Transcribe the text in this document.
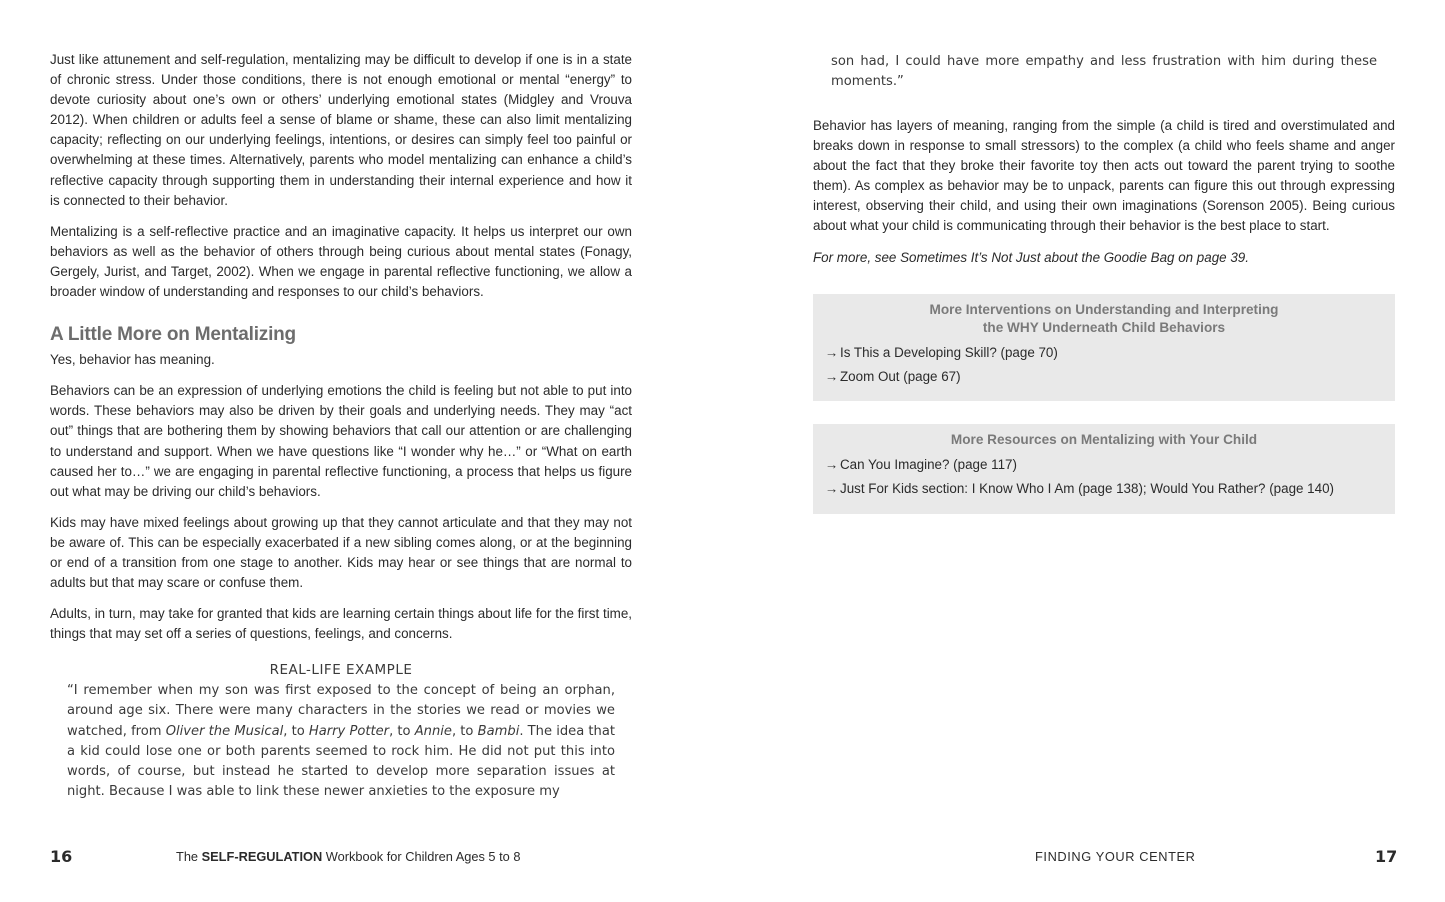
Just like attunement and self-regulation, mentalizing may be difficult to develop if one is in a state of chronic stress. Under those conditions, there is not enough emotional or mental “energy” to devote curiosity about one’s own or others’ underlying emotional states (Midgley and Vrouva 2012). When children or adults feel a sense of blame or shame, these can also limit mentalizing capacity; reflecting on our underlying feelings, intentions, or desires can simply feel too painful or overwhelming at these times. Alternatively, parents who model mentalizing can enhance a child’s reflective capacity through supporting them in understanding their internal experience and how it is connected to their behavior.

Mentalizing is a self-reflective practice and an imaginative capacity. It helps us interpret our own behaviors as well as the behavior of others through being curious about mental states (Fonagy, Gergely, Jurist, and Target, 2002). When we engage in parental reflective functioning, we allow a broader window of understanding and responses to our child’s behaviors.

A Little More on Mentalizing

Yes, behavior has meaning.

Behaviors can be an expression of underlying emotions the child is feeling but not able to put into words. These behaviors may also be driven by their goals and underlying needs. They may “act out” things that are bothering them by showing behaviors that call our attention or are challenging to understand and support. When we have questions like “I wonder why he…” or “What on earth caused her to…” we are engaging in parental reflective functioning, a process that helps us figure out what may be driving our child’s behaviors.

Kids may have mixed feelings about growing up that they cannot articulate and that they may not be aware of. This can be especially exacerbated if a new sibling comes along, or at the beginning or end of a transition from one stage to another. Kids may hear or see things that are normal to adults but that may scare or confuse them.

Adults, in turn, may take for granted that kids are learning certain things about life for the first time, things that may set off a series of questions, feelings, and concerns.

REAL-LIFE EXAMPLE

“I remember when my son was first exposed to the concept of being an orphan, around age six. There were many characters in the stories we read or movies we watched, from Oliver the Musical, to Harry Potter, to Annie, to Bambi. The idea that a kid could lose one or both parents seemed to rock him. He did not put this into words, of course, but instead he started to develop more separation issues at night. Because I was able to link these newer anxieties to the exposure my

16	The SELF-REGULATION Workbook for Children Ages 5 to 8

son had, I could have more empathy and less frustration with him during these moments.”

Behavior has layers of meaning, ranging from the simple (a child is tired and overstimulated and breaks down in response to small stressors) to the complex (a child who feels shame and anger about the fact that they broke their favorite toy then acts out toward the parent trying to soothe them). As complex as behavior may be to unpack, parents can figure this out through expressing interest, observing their child, and using their own imaginations (Sorenson 2005). Being curious about what your child is communicating through their behavior is the best place to start.

For more, see Sometimes It’s Not Just about the Goodie Bag on page 39.

More Interventions on Understanding and Interpreting
the WHY Underneath Child Behaviors
→ Is This a Developing Skill? (page 70)
→ Zoom Out (page 67)
More Resources on Mentalizing with Your Child
→ Can You Imagine? (page 117)
→ Just For Kids section: I Know Who I Am (page 138); Would You Rather? (page 140)
FINDING YOUR CENTER	17
